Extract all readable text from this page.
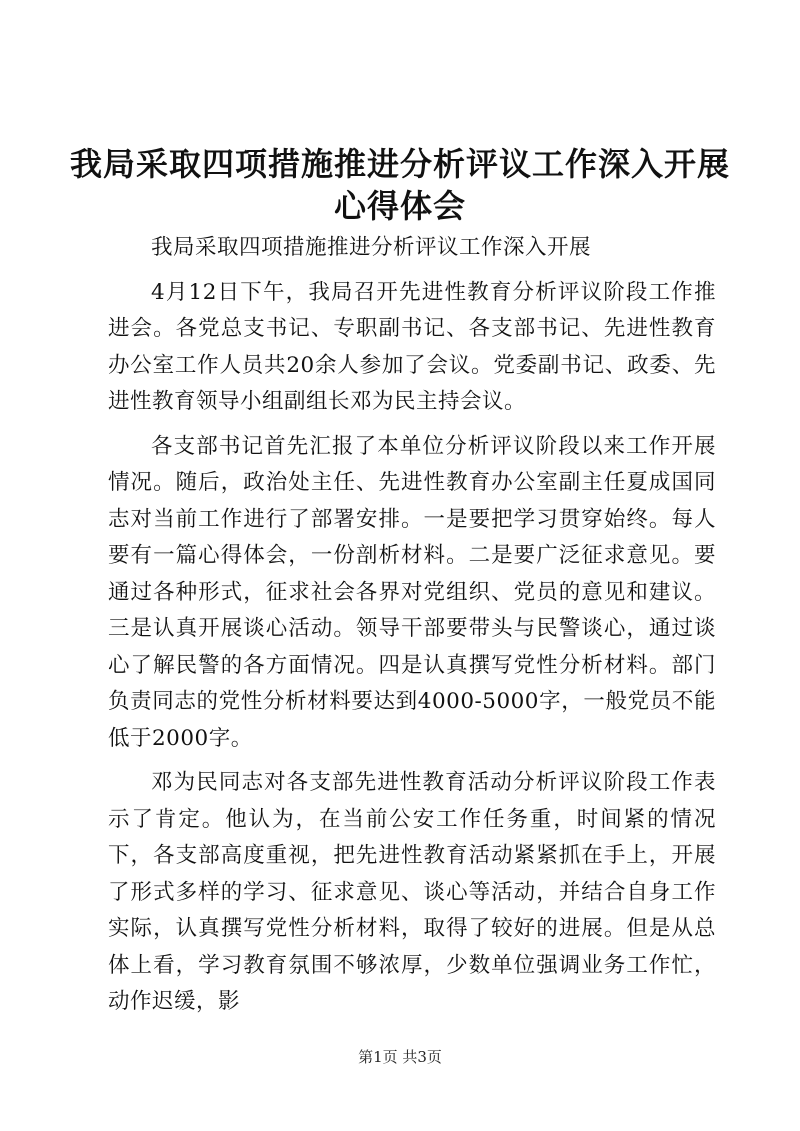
我局采取四项措施推进分析评议工作深入开展心得体会

我局采取四项措施推进分析评议工作深入开展

4月12日下午，我局召开先进性教育分析评议阶段工作推进会。各党总支书记、专职副书记、各支部书记、先进性教育办公室工作人员共20余人参加了会议。党委副书记、政委、先进性教育领导小组副组长邓为民主持会议。

各支部书记首先汇报了本单位分析评议阶段以来工作开展情况。随后，政治处主任、先进性教育办公室副主任夏成国同志对当前工作进行了部署安排。一是要把学习贯穿始终。每人要有一篇心得体会，一份剖析材料。二是要广泛征求意见。要通过各种形式，征求社会各界对党组织、党员的意见和建议。三是认真开展谈心活动。领导干部要带头与民警谈心，通过谈心了解民警的各方面情况。四是认真撰写党性分析材料。部门负责同志的党性分析材料要达到4000-5000字，一般党员不能低于2000字。

邓为民同志对各支部先进性教育活动分析评议阶段工作表示了肯定。他认为，在当前公安工作任务重，时间紧的情况下，各支部高度重视，把先进性教育活动紧紧抓在手上，开展了形式多样的学习、征求意见、谈心等活动，并结合自身工作实际，认真撰写党性分析材料，取得了较好的进展。但是从总体上看，学习教育氛围不够浓厚，少数单位强调业务工作忙，动作迟缓，影

第1页 共3页
